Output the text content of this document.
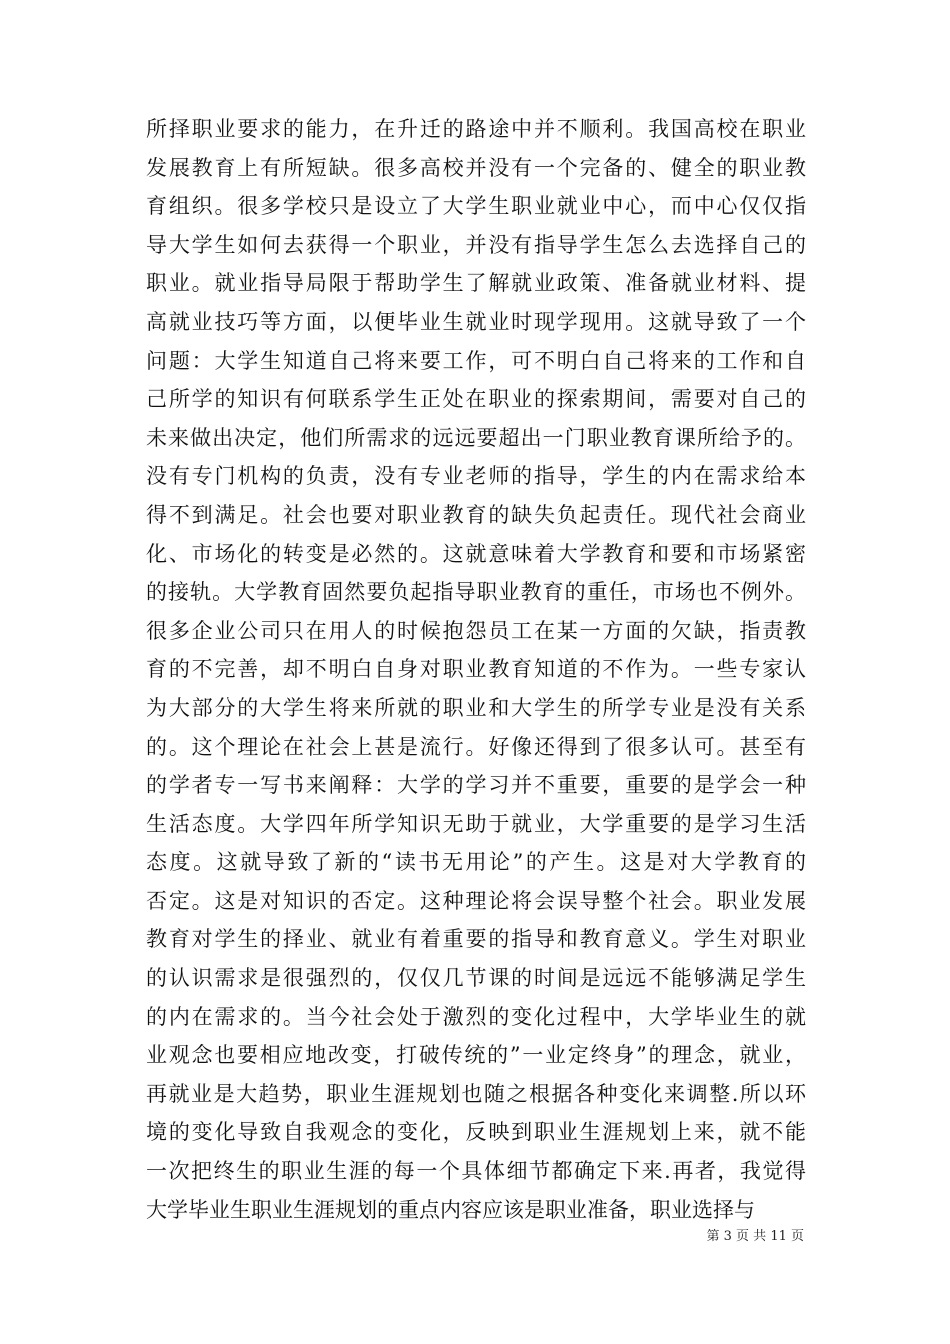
所择职业要求的能力，在升迁的路途中并不顺利。我国高校在职业
发展教育上有所短缺。很多高校并没有一个完备的、健全的职业教
育组织。很多学校只是设立了大学生职业就业中心，而中心仅仅指
导大学生如何去获得一个职业，并没有指导学生怎么去选择自己的
职业。就业指导局限于帮助学生了解就业政策、准备就业材料、提
高就业技巧等方面，以便毕业生就业时现学现用。这就导致了一个
问题：大学生知道自己将来要工作，可不明白自己将来的工作和自
己所学的知识有何联系学生正处在职业的探索期间，需要对自己的
未来做出决定，他们所需求的远远要超出一门职业教育课所给予的。
没有专门机构的负责，没有专业老师的指导，学生的内在需求给本
得不到满足。社会也要对职业教育的缺失负起责任。现代社会商业
化、市场化的转变是必然的。这就意味着大学教育和要和市场紧密
的接轨。大学教育固然要负起指导职业教育的重任，市场也不例外。
很多企业公司只在用人的时候抱怨员工在某一方面的欠缺，指责教
育的不完善，却不明白自身对职业教育知道的不作为。一些专家认
为大部分的大学生将来所就的职业和大学生的所学专业是没有关系
的。这个理论在社会上甚是流行。好像还得到了很多认可。甚至有
的学者专一写书来阐释：大学的学习并不重要，重要的是学会一种
生活态度。大学四年所学知识无助于就业，大学重要的是学习生活
态度。这就导致了新的“读书无用论”的产生。这是对大学教育的
否定。这是对知识的否定。这种理论将会误导整个社会。职业发展
教育对学生的择业、就业有着重要的指导和教育意义。学生对职业
的认识需求是很强烈的，仅仅几节课的时间是远远不能够满足学生
的内在需求的。当今社会处于激烈的变化过程中，大学毕业生的就
业观念也要相应地改变，打破传统的”一业定终身”的理念，就业，
再就业是大趋势，职业生涯规划也随之根据各种变化来调整.所以环
境的变化导致自我观念的变化，反映到职业生涯规划上来，就不能
一次把终生的职业生涯的每一个具体细节都确定下来.再者，我觉得
大学毕业生职业生涯规划的重点内容应该是职业准备，职业选择与
第 3 页 共 11 页
